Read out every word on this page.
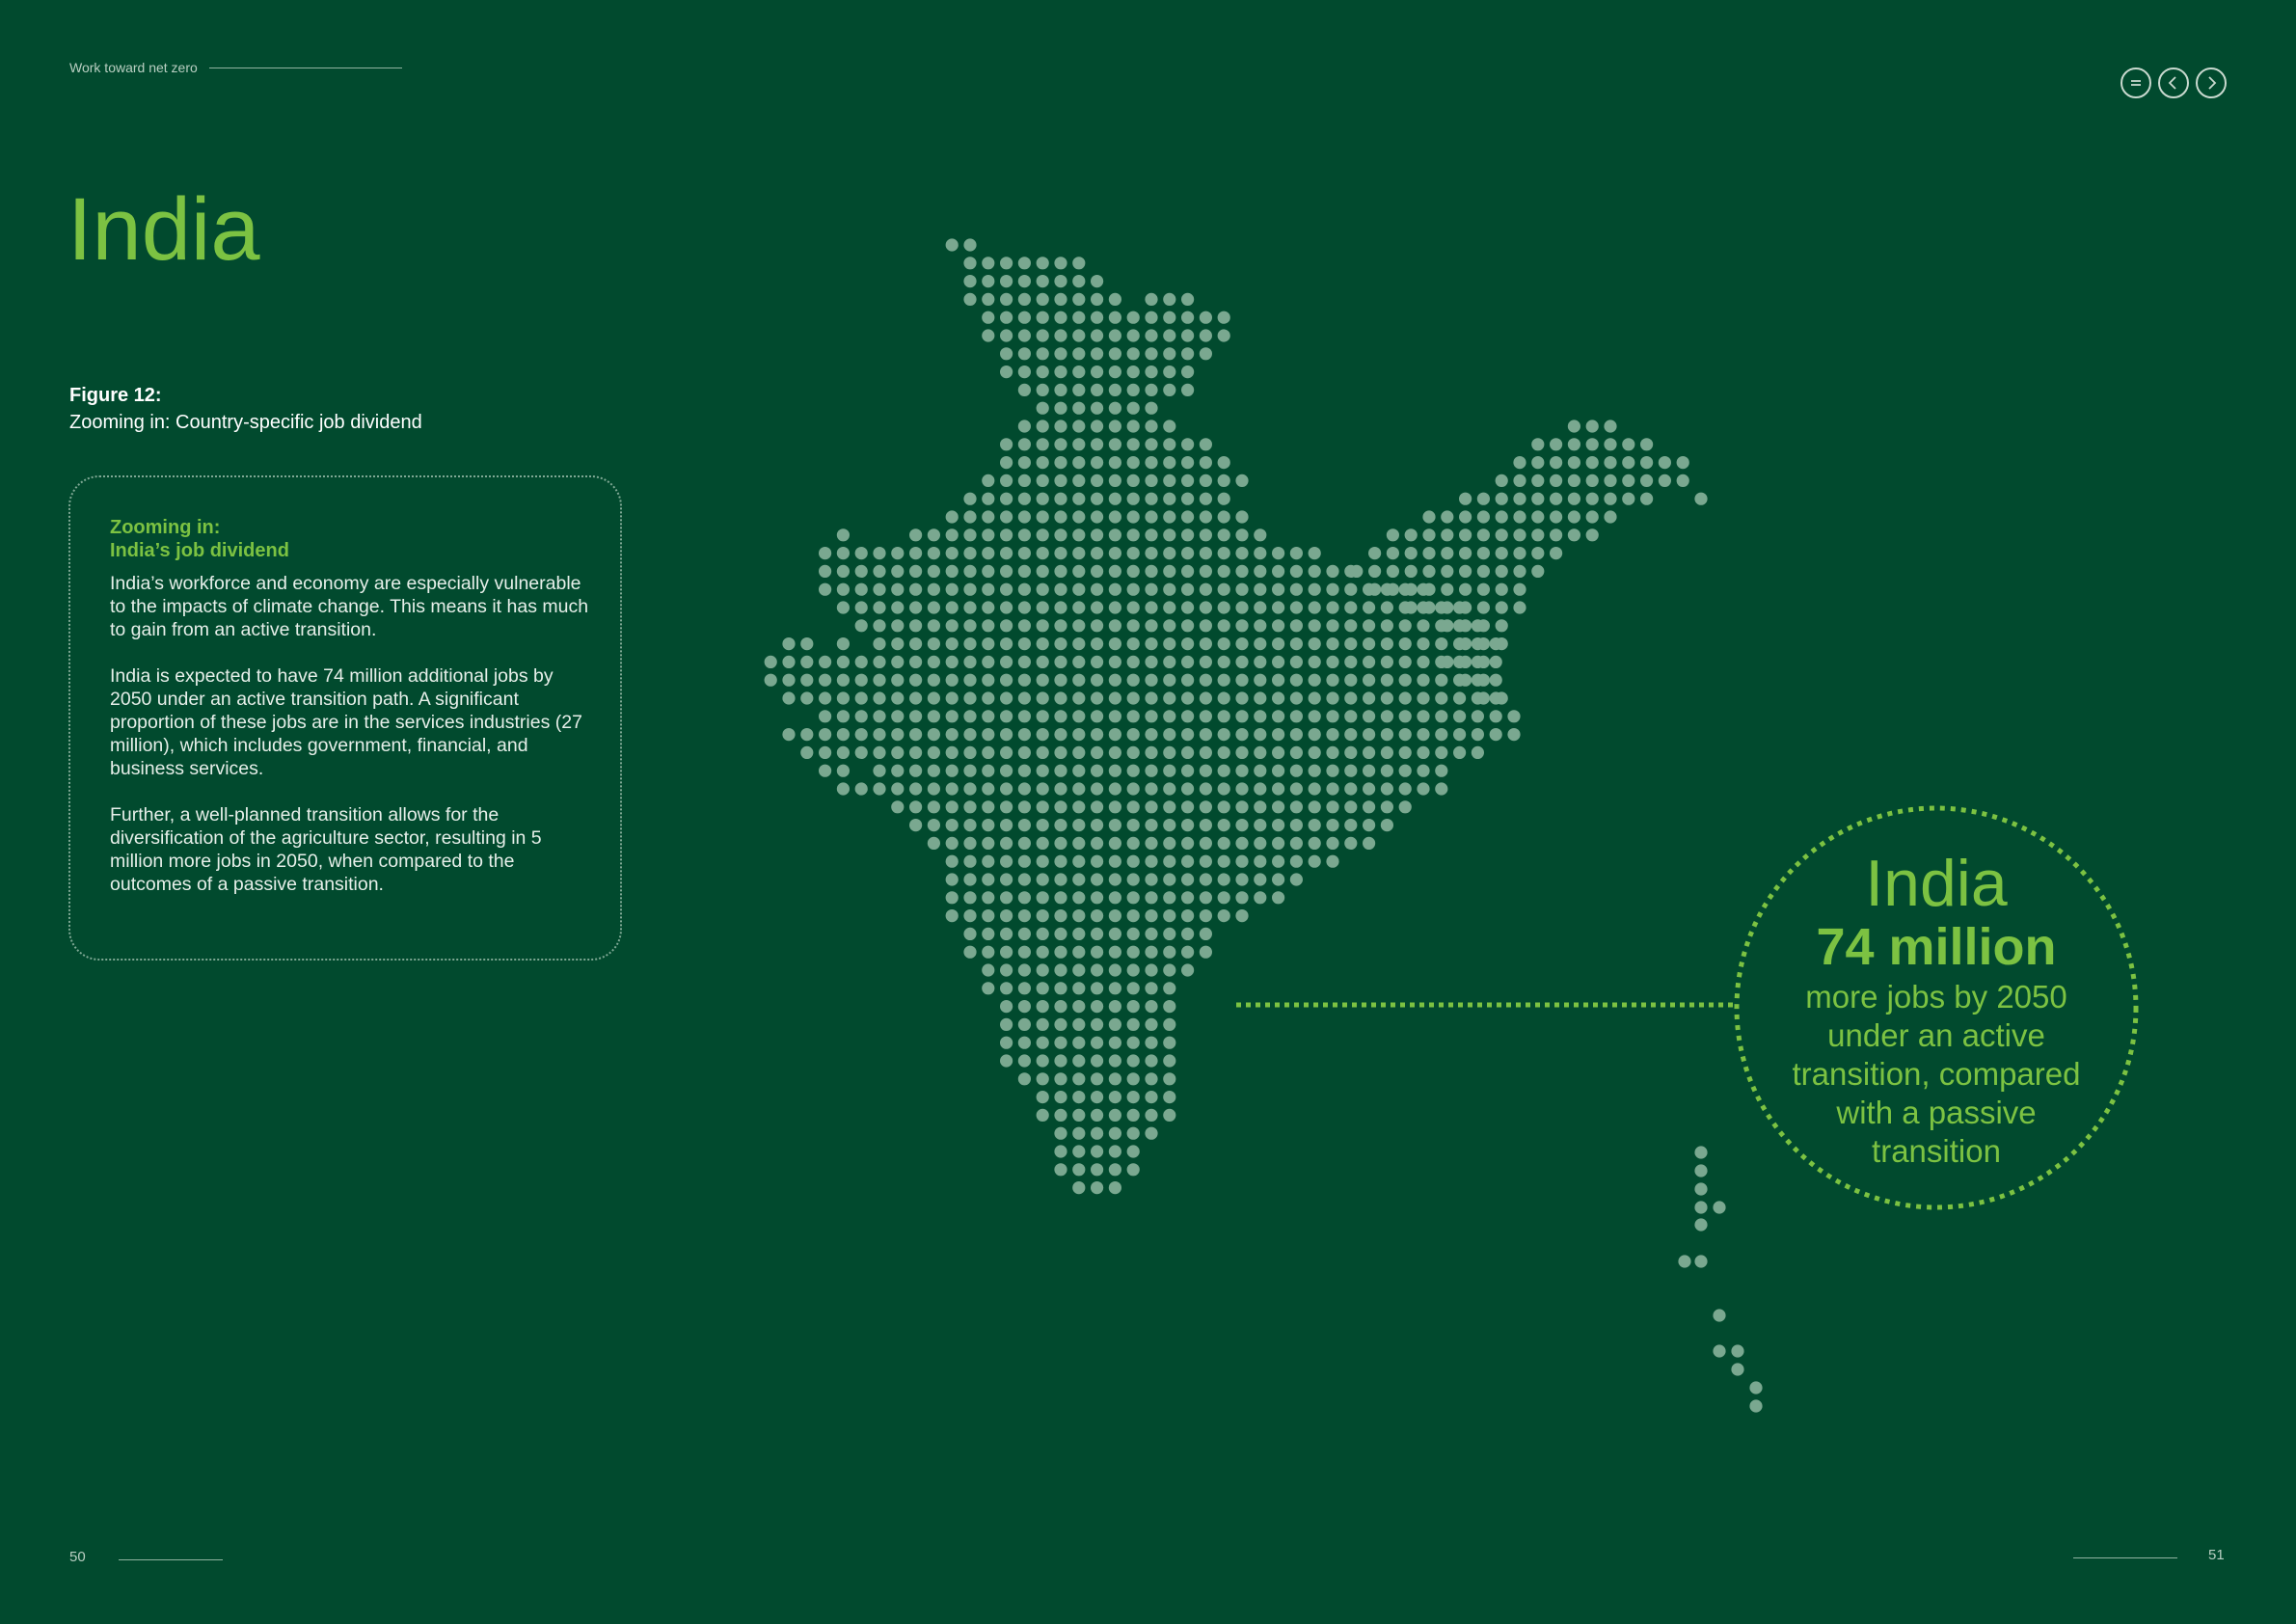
Work toward net zero
India
Figure 12:
Zooming in: Country-specific job dividend
Zooming in:
India’s job dividend

India’s workforce and economy are especially vulnerable to the impacts of climate change. This means it has much to gain from an active transition.

India is expected to have 74 million additional jobs by 2050 under an active transition path. A significant proportion of these jobs are in the services industries (27 million), which includes government, financial, and business services.

Further, a well-planned transition allows for the diversification of the agriculture sector, resulting in 5 million more jobs in 2050, when compared to the outcomes of a passive transition.	India
74 million
more jobs by 2050 under an active transition, compared with a passive transition
50	51
